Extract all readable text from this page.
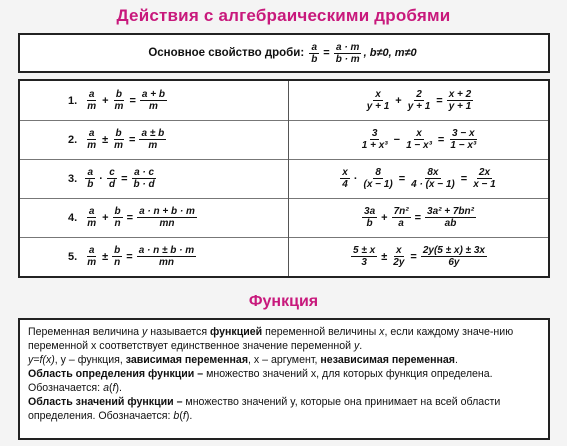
Действия с алгебраическими дробями
Основное свойство дроби: $\frac{a}{b} = \frac{a \cdot m}{b \cdot m}$ , b≠0, m≠0
1. $\frac{a}{m} + \frac{b}{m} = \frac{a + b}{m}$	$\frac{x}{y + 1} + \frac{2}{y + 1} = \frac{x + 2}{y + 1}$
2. $\frac{a}{m} \pm \frac{b}{m} = \frac{a \pm b}{m}$	$\frac{3}{\text{1 + x³}} - \frac{x}{\text{1 − x³}} = \frac{3 - x}{\text{1 − x³}}$
3. $\frac{a}{b} \cdot \frac{c}{d} = \frac{a \cdot c}{b \cdot d}$	$\frac{x}{4} \cdot \frac{8}{(x - 1)} = \frac{8x}{4 \cdot (x - 1)} = \frac{2x}{x - 1}$
4. $\frac{a}{m} + \frac{b}{n} = \frac{a \cdot n + b \cdot m}{mn}$	$\frac{3a}{b} + \frac{\text{7n²}}{a} = \frac{\text{3a² + 7bn²}}{ab}$
5. $\frac{a}{m} \pm \frac{b}{n} = \frac{a \cdot n \pm b \cdot m}{mn}$	$\frac{5 \pm x}{3} \pm \frac{x}{2y} = \frac{2y(5 \pm x) \pm 3x}{6y}$
Функция

Переменная величина y называется функцией переменной величины x, если каждому значе-нию переменной x соответствует единственное значение переменной y.

y=f(x), y – функция, зависимая переменная, x – аргумент, независимая переменная.

Область определения функции – множество значений x, для которых функция определена. Обозначается: a(f).

Область значений функции – множество значений y, которые она принимает на всей области определения. Обозначается: b(f).
